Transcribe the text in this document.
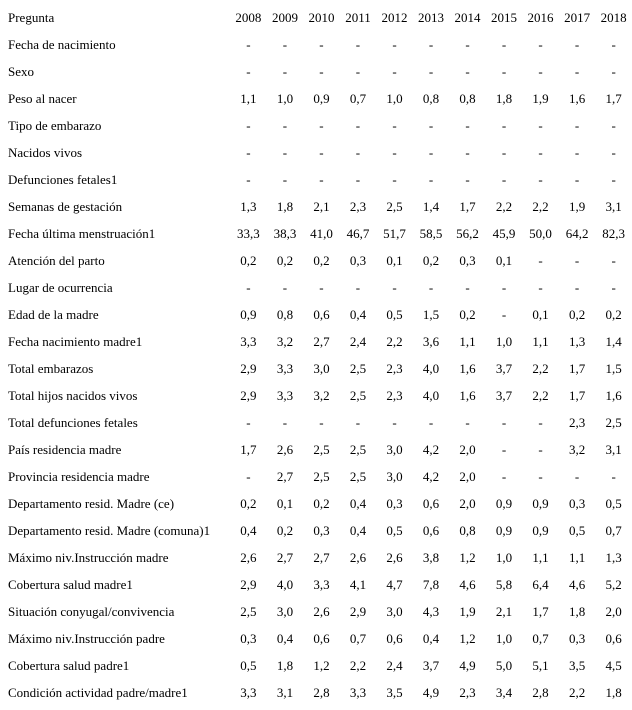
Pregunta	2008	2009	2010	2011	2012	2013	2014	2015	2016	2017	2018
Fecha de nacimiento	-	-	-	-	-	-	-	-	-	-	-
Sexo	-	-	-	-	-	-	-	-	-	-	-
Peso al nacer	1,1	1,0	0,9	0,7	1,0	0,8	0,8	1,8	1,9	1,6	1,7
Tipo de embarazo	-	-	-	-	-	-	-	-	-	-	-
Nacidos vivos	-	-	-	-	-	-	-	-	-	-	-
Defunciones fetales1	-	-	-	-	-	-	-	-	-	-	-
Semanas de gestación	1,3	1,8	2,1	2,3	2,5	1,4	1,7	2,2	2,2	1,9	3,1
Fecha última menstruación1	33,3	38,3	41,0	46,7	51,7	58,5	56,2	45,9	50,0	64,2	82,3
Atención del parto	0,2	0,2	0,2	0,3	0,1	0,2	0,3	0,1	-	-	-
Lugar de ocurrencia	-	-	-	-	-	-	-	-	-	-	-
Edad de la madre	0,9	0,8	0,6	0,4	0,5	1,5	0,2	-	0,1	0,2	0,2
Fecha nacimiento madre1	3,3	3,2	2,7	2,4	2,2	3,6	1,1	1,0	1,1	1,3	1,4
Total embarazos	2,9	3,3	3,0	2,5	2,3	4,0	1,6	3,7	2,2	1,7	1,5
Total hijos nacidos vivos	2,9	3,3	3,2	2,5	2,3	4,0	1,6	3,7	2,2	1,7	1,6
Total defunciones fetales	-	-	-	-	-	-	-	-	-	2,3	2,5
País residencia madre	1,7	2,6	2,5	2,5	3,0	4,2	2,0	-	-	3,2	3,1
Provincia residencia madre	-	2,7	2,5	2,5	3,0	4,2	2,0	-	-	-	-
Departamento resid. Madre (ce)	0,2	0,1	0,2	0,4	0,3	0,6	2,0	0,9	0,9	0,3	0,5
Departamento resid. Madre (comuna)1	0,4	0,2	0,3	0,4	0,5	0,6	0,8	0,9	0,9	0,5	0,7
Máximo niv.Instrucción madre	2,6	2,7	2,7	2,6	2,6	3,8	1,2	1,0	1,1	1,1	1,3
Cobertura salud madre1	2,9	4,0	3,3	4,1	4,7	7,8	4,6	5,8	6,4	4,6	5,2
Situación conyugal/convivencia	2,5	3,0	2,6	2,9	3,0	4,3	1,9	2,1	1,7	1,8	2,0
Máximo niv.Instrucción padre	0,3	0,4	0,6	0,7	0,6	0,4	1,2	1,0	0,7	0,3	0,6
Cobertura salud padre1	0,5	1,8	1,2	2,2	2,4	3,7	4,9	5,0	5,1	3,5	4,5
Condición actividad padre/madre1	3,3	3,1	2,8	3,3	3,5	4,9	2,3	3,4	2,8	2,2	1,8
